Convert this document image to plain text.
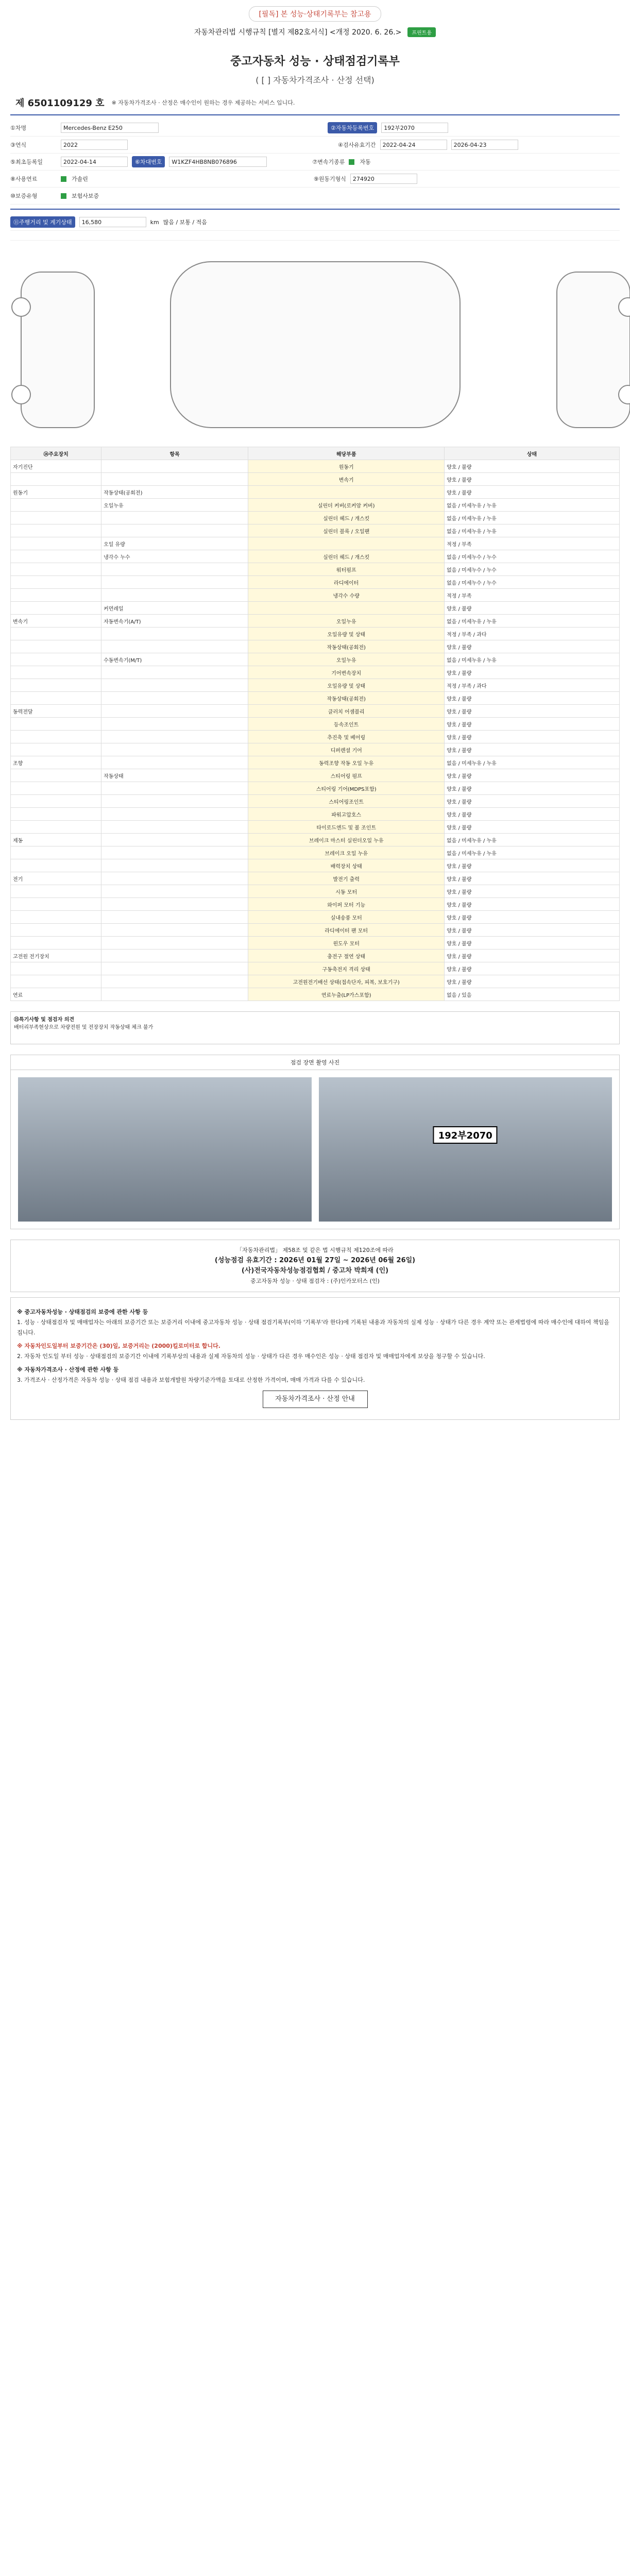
[필독] 본 성능·상태기록부는 참고용
자동차관리법 시행규칙 [별지 제82호서식] <개정 2020. 6. 26.>	프린트용
중고자동차 성능 · 상태점검기록부
( [ ] 자동차가격조사 · 산정 선택)
제 6501109129 호 ※ 자동차가격조사 · 산정은 매수인이 원하는 경우 제공하는 서비스 입니다.
①차명	Mercedes-Benz E250	②자동차등록번호	192부2070
③연식	2022	④검사유효기간	2022-04-24	2026-04-23
⑤최초등록일	2022-04-14	⑥차대번호	W1KZF4HB8NB076896	⑦변속기종류	자동
⑧사용연료	가솔린	⑨원동기형식	274920
⑩보증유형	보험사보증
⑪주행거리 및 계기상태	16,580	km 많음 / 보통 / 적음
⑭주요장치	항목	해당부품	상태
자기진단		원동기	양호 / 불량
		변속기	양호 / 불량
원동기	작동상태(공회전)		양호 / 불량
	오일누유	실린더 커버(로커암 커버)	없음 / 미세누유 / 누유
		실린더 헤드 / 개스킷	없음 / 미세누유 / 누유
		실린더 블록 / 오일팬	없음 / 미세누유 / 누유
	오일 유량		적정 / 부족
	냉각수 누수	실린더 헤드 / 개스킷	없음 / 미세누수 / 누수
		워터펌프	없음 / 미세누수 / 누수
		라디에이터	없음 / 미세누수 / 누수
		냉각수 수량	적정 / 부족
	커먼레일		양호 / 불량
변속기	자동변속기(A/T)	오일누유	없음 / 미세누유 / 누유
		오일유량 및 상태	적정 / 부족 / 과다
		작동상태(공회전)	양호 / 불량
	수동변속기(M/T)	오일누유	없음 / 미세누유 / 누유
		기어변속장치	양호 / 불량
		오일유량 및 상태	적정 / 부족 / 과다
		작동상태(공회전)	양호 / 불량
동력전달		클러치 어셈블리	양호 / 불량
		등속조인트	양호 / 불량
		추진축 및 베어링	양호 / 불량
		디퍼렌셜 기어	양호 / 불량
조향		동력조향 작동 오일 누유	없음 / 미세누유 / 누유
	작동상태	스티어링 펌프	양호 / 불량
		스티어링 기어(MDPS포함)	양호 / 불량
		스티어링조인트	양호 / 불량
		파워고압호스	양호 / 불량
		타이로드엔드 및 볼 조인트	양호 / 불량
제동		브레이크 마스터 실린더오일 누유	없음 / 미세누유 / 누유
		브레이크 오일 누유	없음 / 미세누유 / 누유
		배력장치 상태	양호 / 불량
전기		발전기 출력	양호 / 불량
		시동 모터	양호 / 불량
		와이퍼 모터 기능	양호 / 불량
		실내송풍 모터	양호 / 불량
		라디에이터 팬 모터	양호 / 불량
		윈도우 모터	양호 / 불량
고전원 전기장치		충전구 절연 상태	양호 / 불량
		구동축전지 격리 상태	양호 / 불량
		고전원전기배선 상태(접속단자, 피복, 보호기구)	양호 / 불량
연료		연료누출(LP가스포함)	없음 / 있음
⑮특기사항 및 점검자 의견
배터리부족현상으로 차량전원 및 전장장치 작동상태 체크 불가
점검 장면 촬영 사진
192부2070
「자동차관리법」 제58조 및 같은 법 시행규칙 제120조에 따라
(성능점검 유효기간 : 2026년 01월 27일 ~ 2026년 06월 26일)
(사)전국자동차성능점검협회 / 중고차 박희재 (인)
중고자동차 성능 · 상태 점검자 : (주)인카모터스 (인)
※ 중고자동차성능 · 상태점검의 보증에 관한 사항 등
1. 성능 · 상태점검자 및 매매업자는 아래의 보증기간 또는 보증거리 이내에 중고자동차 성능 · 상태 점검기록부(이하 '기록부'라 한다)에 기록된 내용과 자동차의 실제 성능 · 상태가 다른 경우 계약 또는 관계법령에 따라 매수인에 대하여 책임을 집니다.
※ 자동차인도일부터 보증기간은 (30)일, 보증거리는 (2000)킬로미터로 합니다.
2. 자동차 인도일 부터 성능 · 상태점검의 보증기간 이내에 기록부상의 내용과 실제 자동차의 성능 · 상태가 다른 경우 매수인은 성능 · 상태 점검자 및 매매업자에게 보상을 청구할 수 있습니다.
※ 자동차가격조사 · 산정에 관한 사항 등
3. 가격조사 · 산정가격은 자동차 성능 · 상태 점검 내용과 보험개발원 차량기준가액을 토대로 산정한 가격이며, 매매 가격과 다를 수 있습니다.
자동차가격조사 · 산정 안내
